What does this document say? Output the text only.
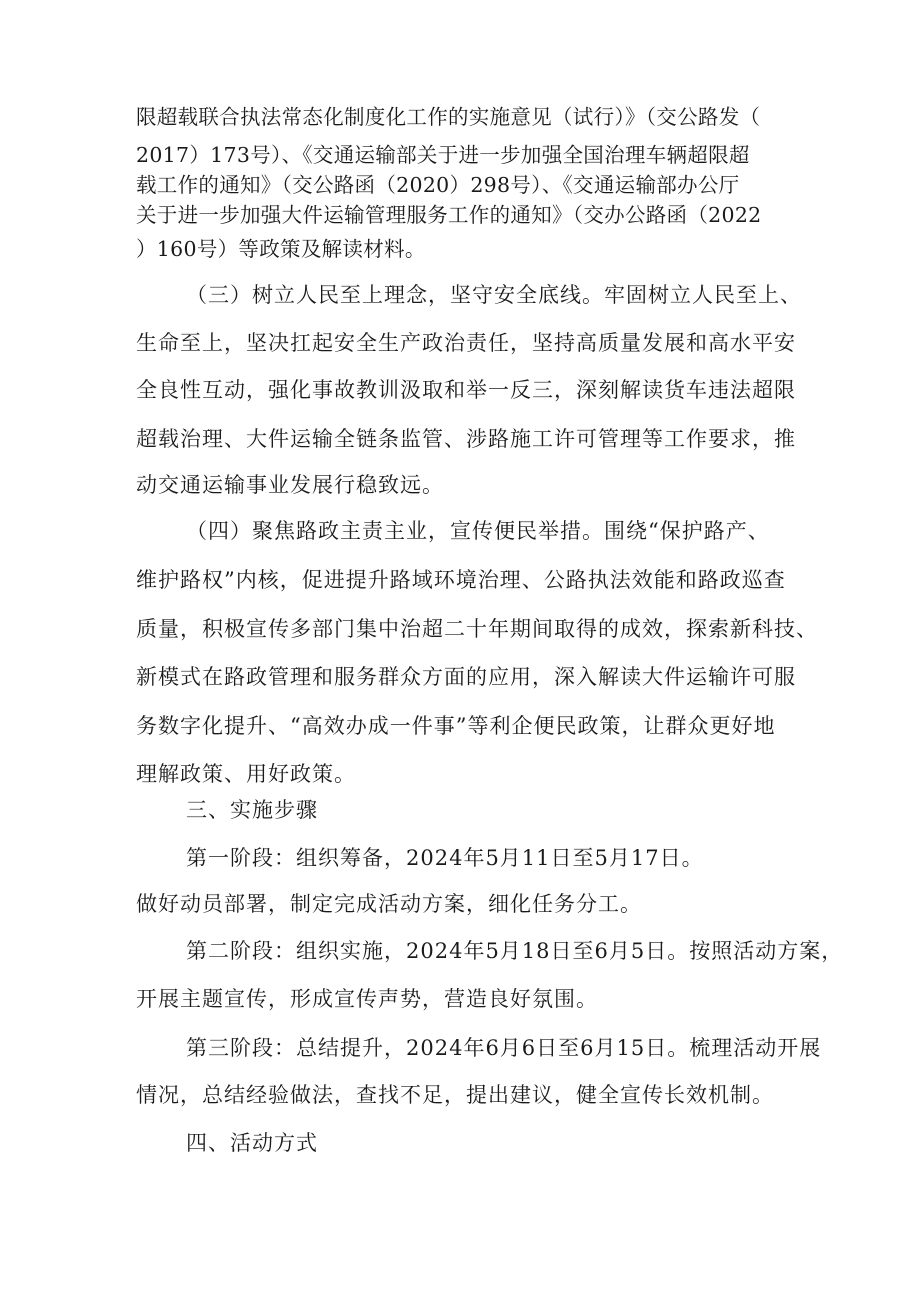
限超载联合执法常态化制度化工作的实施意见（试行）》（交公路发（
2017）173号）、《交通运输部关于进一步加强全国治理车辆超限超
载工作的通知》（交公路函（2020）298号）、《交通运输部办公厅
关于进一步加强大件运输管理服务工作的通知》（交办公路函（2022
）160号）等政策及解读材料。
（三）树立人民至上理念，坚守安全底线。牢固树立人民至上、
生命至上，坚决扛起安全生产政治责任，坚持高质量发展和高水平安
全良性互动，强化事故教训汲取和举一反三，深刻解读货车违法超限
超载治理、大件运输全链条监管、涉路施工许可管理等工作要求，推
动交通运输事业发展行稳致远。
（四）聚焦路政主责主业，宣传便民举措。围绕“保护路产、
维护路权”内核，促进提升路域环境治理、公路执法效能和路政巡查
质量，积极宣传多部门集中治超二十年期间取得的成效，探索新科技、
新模式在路政管理和服务群众方面的应用，深入解读大件运输许可服
务数字化提升、“高效办成一件事”等利企便民政策，让群众更好地
理解政策、用好政策。
三、实施步骤
第一阶段：组织筹备，2024年5月11日至5月17日。
做好动员部署，制定完成活动方案，细化任务分工。
第二阶段：组织实施，2024年5月18日至6月5日。按照活动方案，
开展主题宣传，形成宣传声势，营造良好氛围。
第三阶段：总结提升，2024年6月6日至6月15日。梳理活动开展
情况，总结经验做法，查找不足，提出建议，健全宣传长效机制。
四、活动方式
